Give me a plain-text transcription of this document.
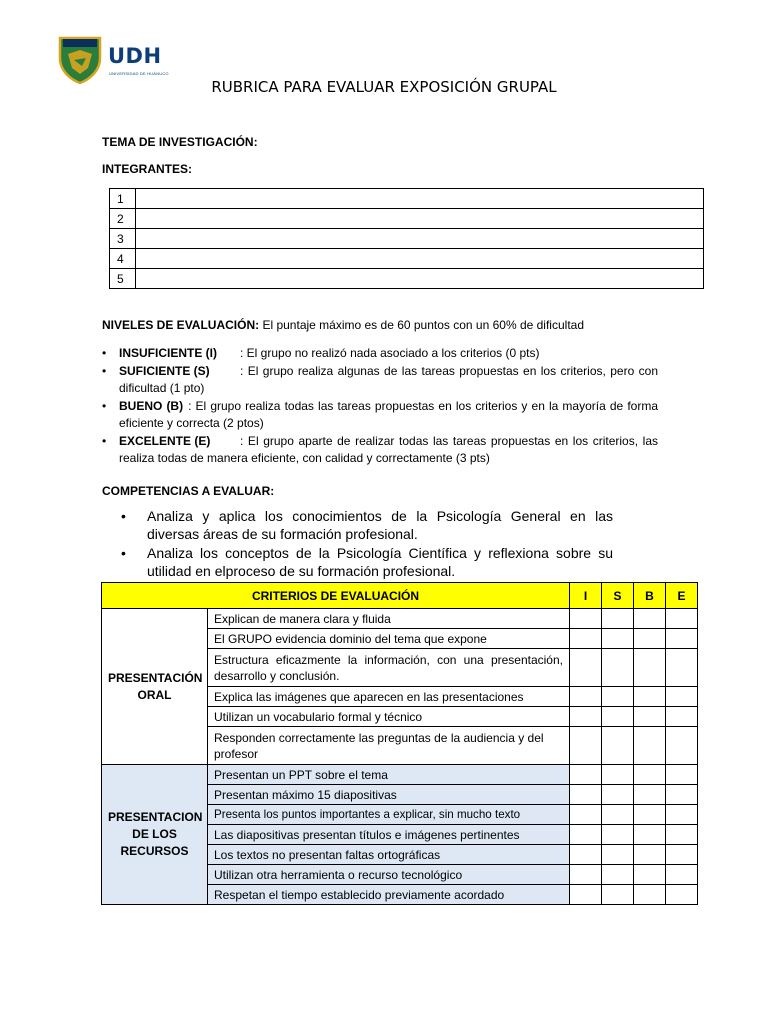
UDH
UNIVERSIDAD DE HUÁNUCO
RUBRICA PARA EVALUAR EXPOSICIÓN GRUPAL
TEMA DE INVESTIGACIÓN:
INTEGRANTES:
1	
2	
3	
4	
5	
NIVELES DE EVALUACIÓN: El puntaje máximo es de 60 puntos con un 60% de dificultad
• INSUFICIENTE (I) : El grupo no realizó nada asociado a los criterios (0 pts)
• SUFICIENTE (S)	: El grupo realiza algunas de las tareas propuestas en los criterios, pero con dificultad (1 pto)
• BUENO (B) : El grupo realiza todas las tareas propuestas en los criterios y en la mayoría de forma eficiente y correcta (2 ptos)
• EXCELENTE (E) : El grupo aparte de realizar todas las tareas propuestas en los criterios, las realiza todas de manera eficiente, con calidad y correctamente (3 pts)
COMPETENCIAS A EVALUAR:
• Analiza y aplica los conocimientos de la Psicología General en las diversas áreas de su formación profesional.
• Analiza los conceptos de la Psicología Científica y reflexiona sobre su utilidad en elproceso de su formación profesional.
CRITERIOS DE EVALUACIÓN		I	S	B	E
PRESENTACIÓN ORAL	Explican de manera clara y fluida				
	El GRUPO evidencia dominio del tema que expone				
	Estructura eficazmente la información, con una presentación, desarrollo y conclusión.				
	Explica las imágenes que aparecen en las presentaciones				
	Utilizan un vocabulario formal y técnico				
	Responden correctamente las preguntas de la audiencia y del profesor				
PRESENTACION DE LOS RECURSOS	Presentan un PPT sobre el tema				
	Presentan máximo 15 diapositivas				
	Presenta los puntos importantes a explicar, sin mucho texto				
	Las diapositivas presentan títulos e imágenes pertinentes				
	Los textos no presentan faltas ortográficas				
	Utilizan otra herramienta o recurso tecnológico				
	Respetan el tiempo establecido previamente acordado				
